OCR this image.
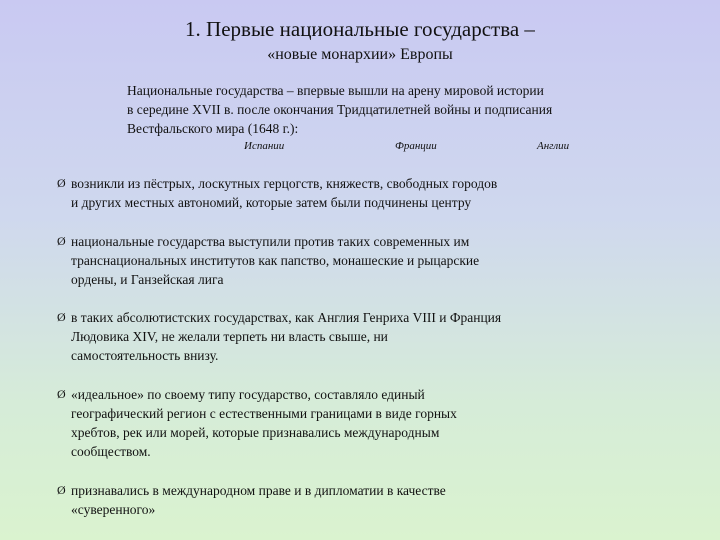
1. Первые национальные государства –
«новые монархии» Европы
Национальные государства – впервые вышли на арену мировой истории
в середине XVII в. после окончания Тридцатилетней войны и подписания
Вестфальского мира (1648 г.):
Испании	Франции	Англии
Ø возникли из пёстрых, лоскутных герцогств, княжеств, свободных городов
и других местных автономий, которые затем были подчинены центру
Ø национальные государства выступили против таких современных им
транснациональных институтов как папство, монашеские и рыцарские
ордены, и Ганзейская лига
Ø в таких абсолютистских государствах, как Англия Генриха VIII и Франция
Людовика XIV, не желали терпеть ни власть свыше, ни
самостоятельность внизу.
Ø «идеальное» по своему типу государство, составляло единый
географический регион с естественными границами в виде горных
хребтов, рек или морей, которые признавались международным
сообществом.
Ø признавались в международном праве и в дипломатии в качестве
«суверенного»
